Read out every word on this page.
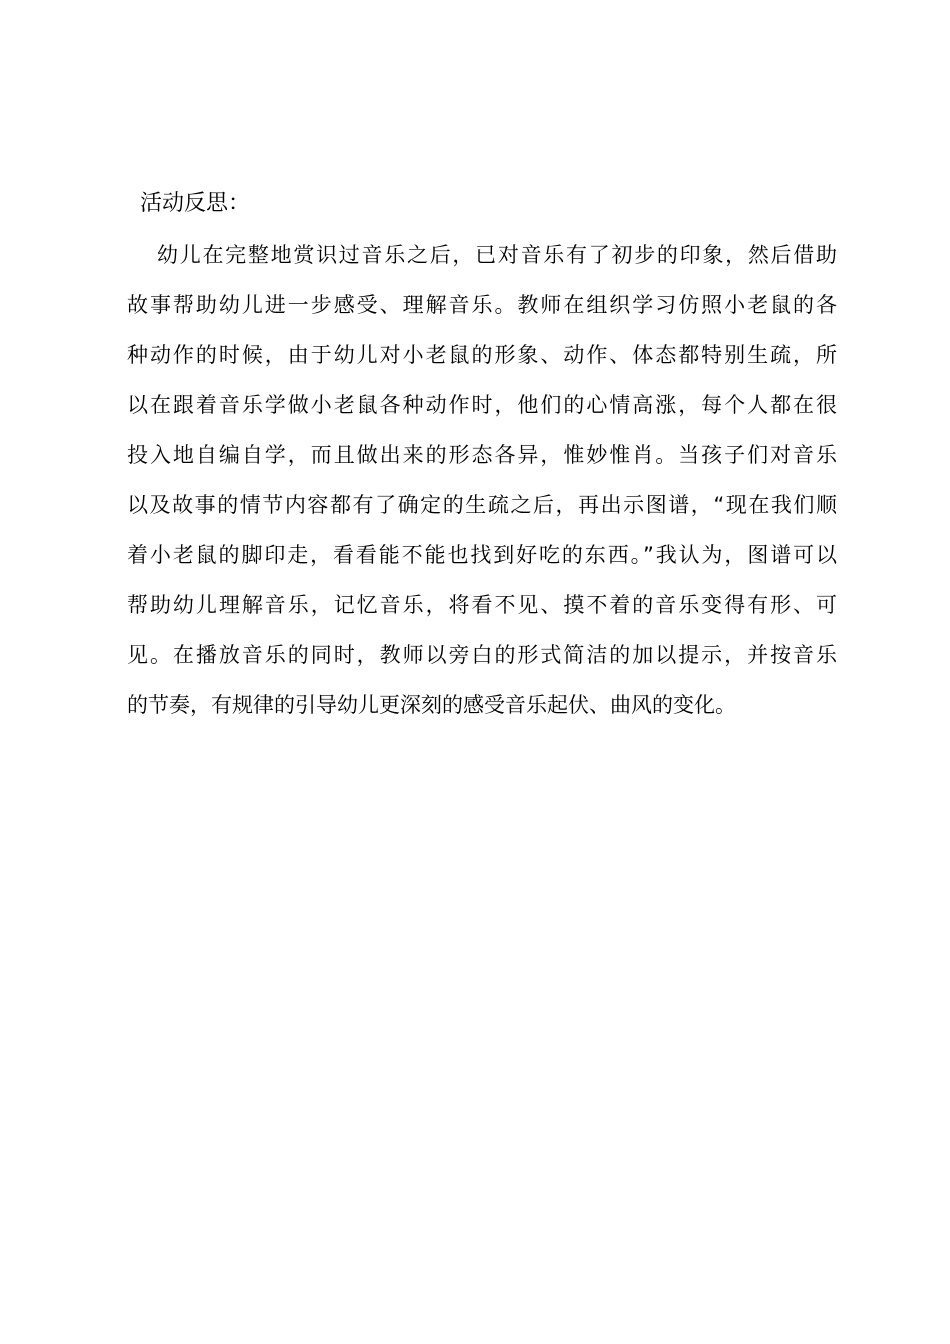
活动反思：
幼儿在完整地赏识过音乐之后，已对音乐有了初步的印象，然后借助
故事帮助幼儿进一步感受、理解音乐。教师在组织学习仿照小老鼠的各
种动作的时候，由于幼儿对小老鼠的形象、动作、体态都特别生疏，所
以在跟着音乐学做小老鼠各种动作时，他们的心情高涨，每个人都在很
投入地自编自学，而且做出来的形态各异，惟妙惟肖。当孩子们对音乐
以及故事的情节内容都有了确定的生疏之后，再出示图谱，“现在我们顺
着小老鼠的脚印走，看看能不能也找到好吃的东西。”我认为，图谱可以
帮助幼儿理解音乐，记忆音乐，将看不见、摸不着的音乐变得有形、可
见。在播放音乐的同时，教师以旁白的形式简洁的加以提示，并按音乐
的节奏，有规律的引导幼儿更深刻的感受音乐起伏、曲风的变化。
